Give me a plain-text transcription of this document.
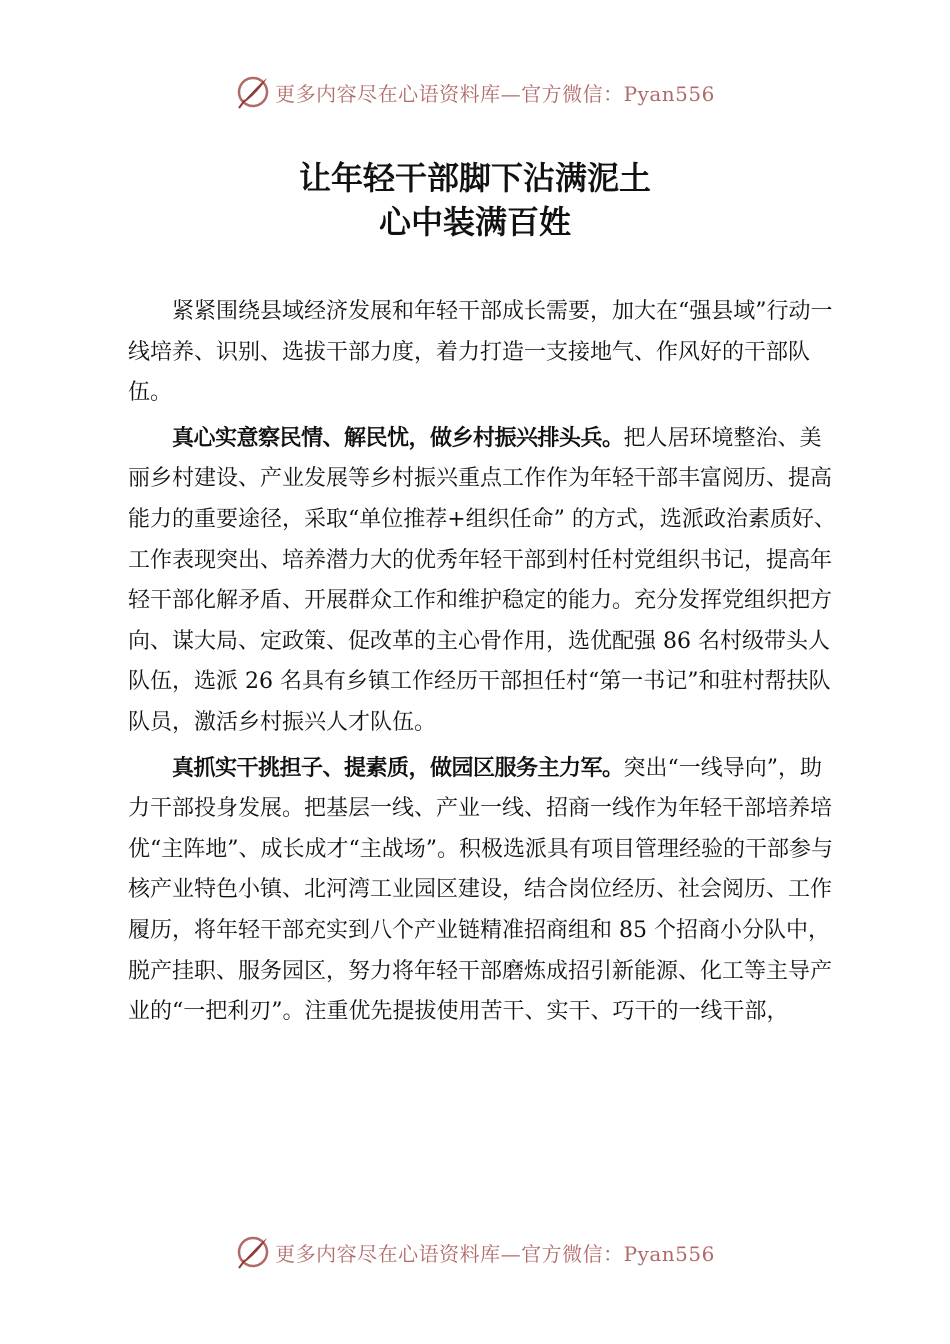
更多内容尽在心语资料库—官方微信：Pyan556
让年轻干部脚下沾满泥土
心中装满百姓

紧紧围绕县域经济发展和年轻干部成长需要，加大在“强县域”行动一线培养、识别、选拔干部力度，着力打造一支接地气、作风好的干部队伍。

真心实意察民情、解民忧，做乡村振兴排头兵。把人居环境整治、美丽乡村建设、产业发展等乡村振兴重点工作作为年轻干部丰富阅历、提高能力的重要途径，采取“单位推荐+组织任命” 的方式，选派政治素质好、工作表现突出、培养潜力大的优秀年轻干部到村任村党组织书记，提高年轻干部化解矛盾、开展群众工作和维护稳定的能力。充分发挥党组织把方向、谋大局、定政策、促改革的主心骨作用，选优配强 86 名村级带头人队伍，选派 26 名具有乡镇工作经历干部担任村“第一书记”和驻村帮扶队队员，激活乡村振兴人才队伍。

真抓实干挑担子、提素质，做园区服务主力军。突出“一线导向”，助力干部投身发展。把基层一线、产业一线、招商一线作为年轻干部培养培优“主阵地”、成长成才“主战场”。积极选派具有项目管理经验的干部参与核产业特色小镇、北河湾工业园区建设，结合岗位经历、社会阅历、工作履历，将年轻干部充实到八个产业链精准招商组和 85 个招商小分队中，脱产挂职、服务园区，努力将年轻干部磨炼成招引新能源、化工等主导产业的“一把利刃”。注重优先提拔使用苦干、实干、巧干的一线干部，

更多内容尽在心语资料库—官方微信：Pyan556
